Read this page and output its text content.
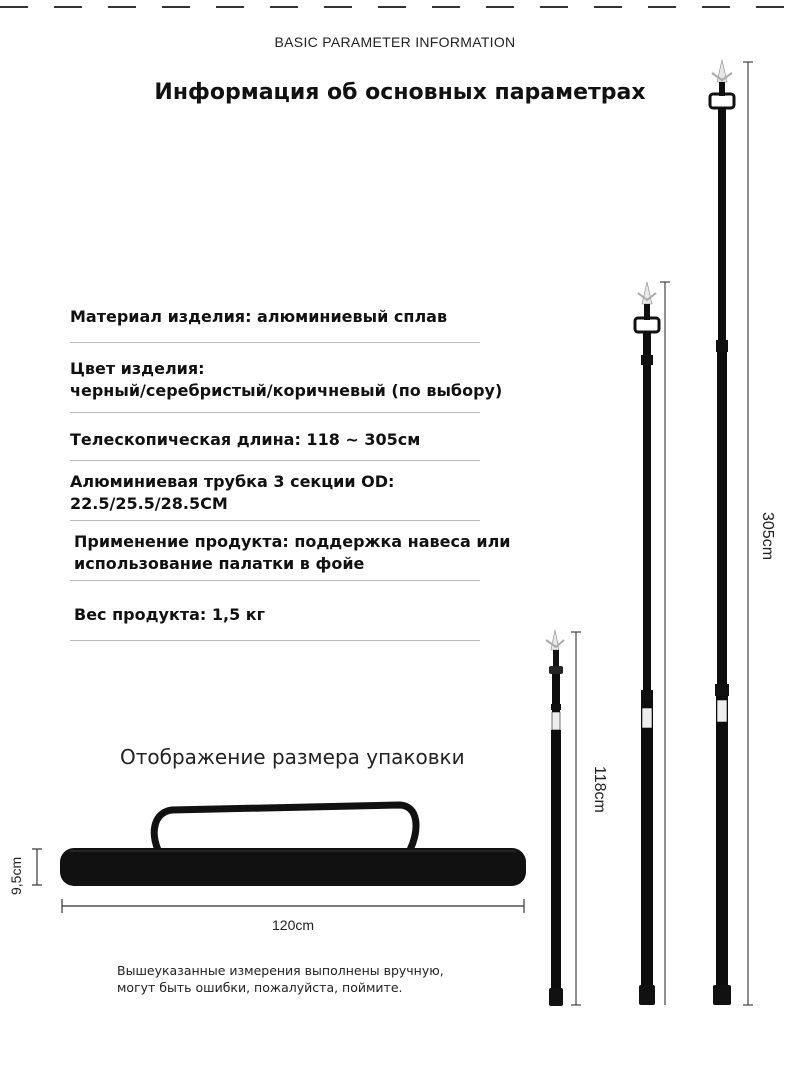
BASIC PARAMETER INFORMATION
Информация об основных параметрах
Материал изделия: алюминиевый сплав
Цвет изделия:
черный/серебристый/коричневый (по выбору)
Телескопическая длина: 118 ~ 305см
Алюминиевая трубка 3 секции OD:
22.5/25.5/28.5CM
Применение продукта: поддержка навеса или
использование палатки в фойе
Вес продукта: 1,5 кг
Отображение размера упаковки
9,5cm
120cm
118cm
305cm
Вышеуказанные измерения выполнены вручную,
могут быть ошибки, пожалуйста, поймите.
